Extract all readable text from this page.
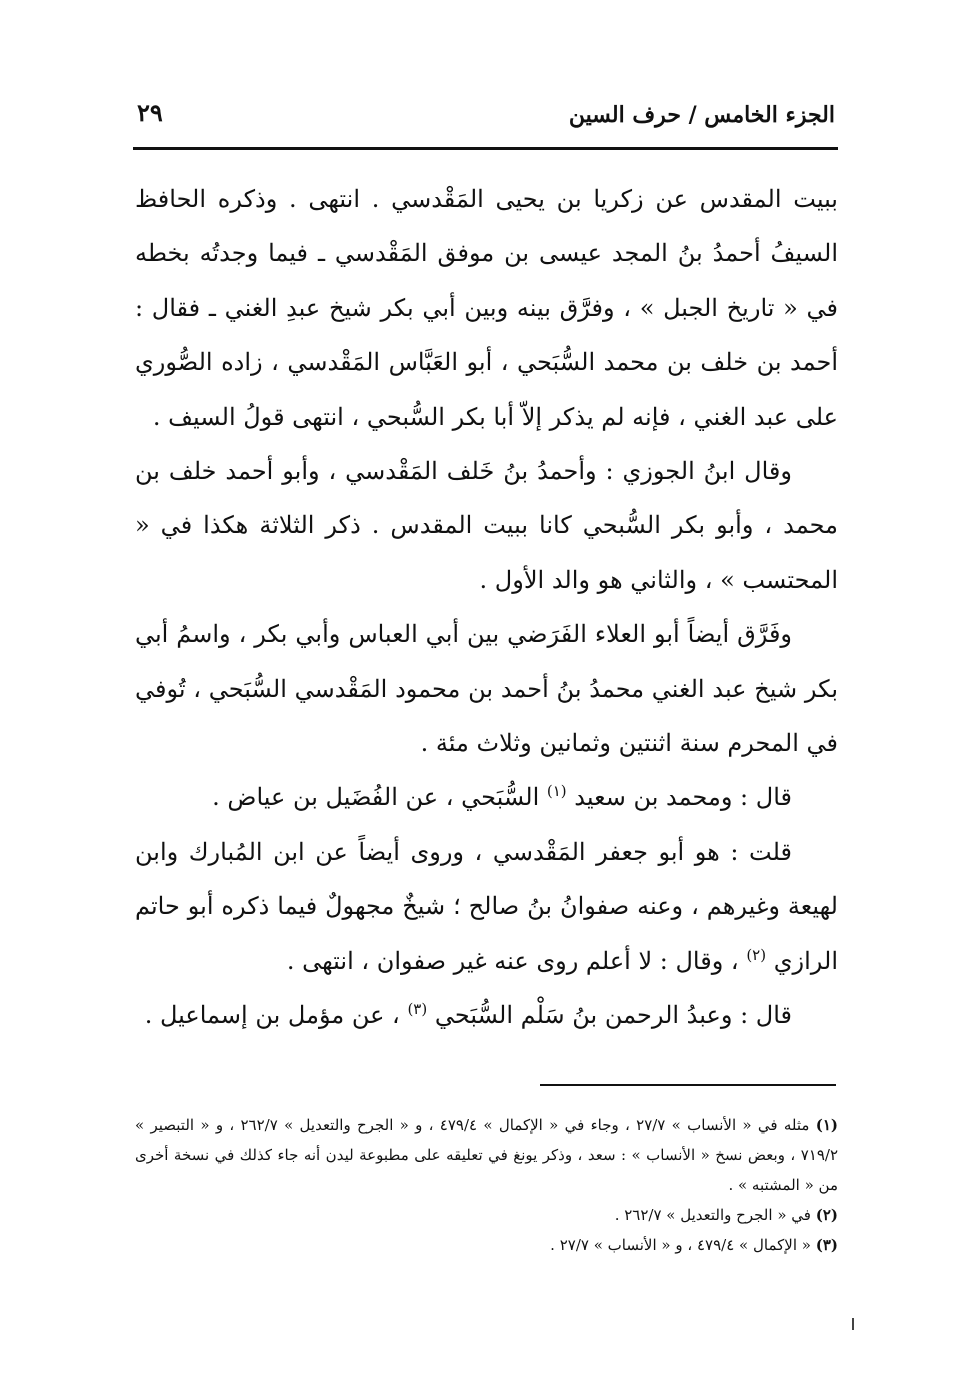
الجزء الخامس / حرف السين
٢٩

ببيت المقدس عن زكريا بن يحيى المَقْدسي . انتهى . وذكره الحافظ السيفُ أحمدُ بنُ المجد عيسى بن موفق المَقْدسي ـ فيما وجدتُه بخطه في « تاريخ الجبل » ، وفرَّق بينه وبين أبي بكر شيخ عبدِ الغني ـ فقال : أحمد بن خلف بن محمد السُّبَحي ، أبو العَبَّاس المَقْدسي ، زاده الصُّوري على عبد الغني ، فإنه لم يذكر إلاّ أبا بكر السُّبحي ، انتهى قولُ السيف .

وقال ابنُ الجوزي : وأحمدُ بنُ خَلف المَقْدسي ، وأبو أحمد خلف بن محمد ، وأبو بكر السُّبحي كانا ببيت المقدس . ذكر الثلاثة هكذا في « المحتسب » ، والثاني هو والد الأول .

وفَرَّق أيضاً أبو العلاء الفَرَضي بين أبي العباس وأبي بكر ، واسمُ أبي بكر شيخ عبد الغني محمدُ بنُ أحمد بن محمود المَقْدسي السُّبَحي ، تُوفي في المحرم سنة اثنتين وثمانين وثلاث مئة .

قال : ومحمد بن سعيد $^{(١)}$ السُّبَحي ، عن الفُضَيل بن عياض .

قلت : هو أبو جعفر المَقْدسي ، وروى أيضاً عن ابن المُبارك وابن لهيعة وغيرهم ، وعنه صفوانُ بنُ صالح ؛ شيخٌ مجهولٌ فيما ذكره أبو حاتم الرازي $^{(٢)}$ ، وقال : لا أعلم روى عنه غير صفوان ، انتهى .

قال : وعبدُ الرحمن بنُ سَلْم السُّبَحي $^{(٣)}$ ، عن مؤمل بن إسماعيل .

(١) مثله في « الأنساب » ٢٧/٧ ، وجاء في « الإكمال » ٤٧٩/٤ ، و « الجرح والتعديل » ٢٦٢/٧ ، و « التبصير » ٧١٩/٢ ، وبعض نسخ « الأنساب » : سعد ، وذكر يونغ في تعليقه على مطبوعة ليدن أنه جاء كذلك في نسخة أخرى من « المشتبه » .

(٢) في « الجرح والتعديل » ٢٦٢/٧ .

(٣) « الإكمال » ٤٧٩/٤ ، و « الأنساب » ٢٧/٧ .
